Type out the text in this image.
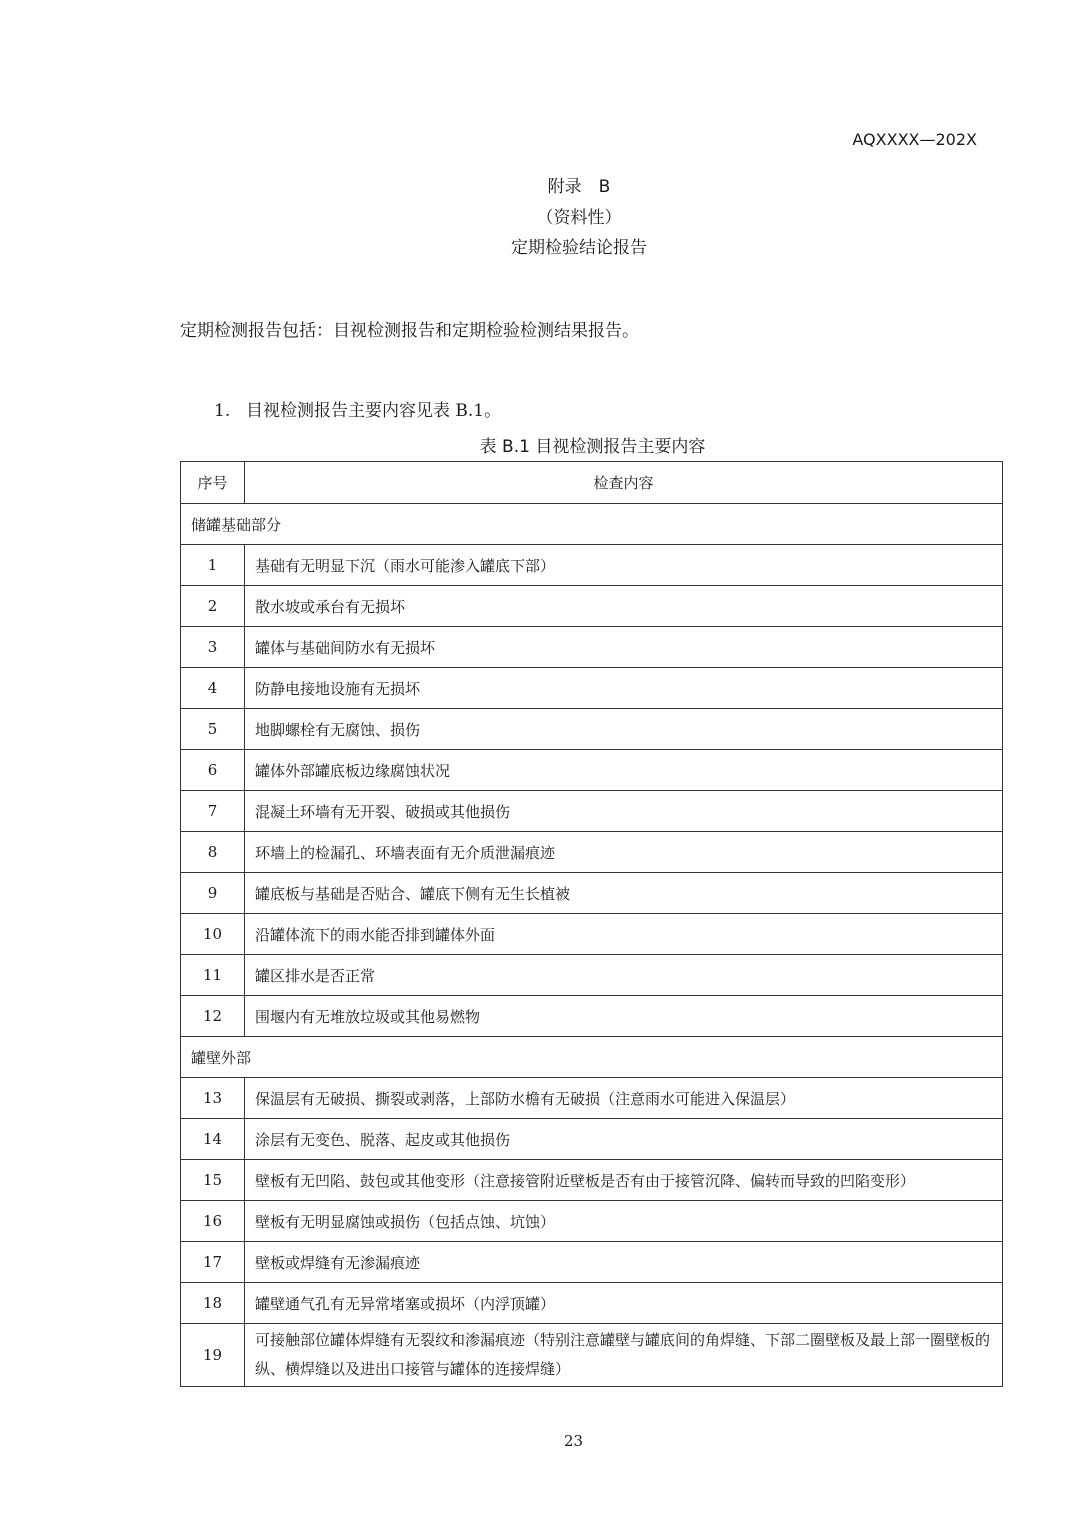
AQXXXX—202X
附录　B
（资料性）
定期检验结论报告
定期检测报告包括：目视检测报告和定期检验检测结果报告。
1. 目视检测报告主要内容见表 B.1。
表 B.1 目视检测报告主要内容
序号	检查内容
储罐基础部分	
1	基础有无明显下沉（雨水可能渗入罐底下部）
2	散水坡或承台有无损坏
3	罐体与基础间防水有无损坏
4	防静电接地设施有无损坏
5	地脚螺栓有无腐蚀、损伤
6	罐体外部罐底板边缘腐蚀状况
7	混凝土环墙有无开裂、破损或其他损伤
8	环墙上的检漏孔、环墙表面有无介质泄漏痕迹
9	罐底板与基础是否贴合、罐底下侧有无生长植被
10	沿罐体流下的雨水能否排到罐体外面
11	罐区排水是否正常
12	围堰内有无堆放垃圾或其他易燃物
罐壁外部	
13	保温层有无破损、撕裂或剥落，上部防水檐有无破损（注意雨水可能进入保温层）
14	涂层有无变色、脱落、起皮或其他损伤
15	壁板有无凹陷、鼓包或其他变形（注意接管附近壁板是否有由于接管沉降、偏转而导致的凹陷变形）
16	壁板有无明显腐蚀或损伤（包括点蚀、坑蚀）
17	壁板或焊缝有无渗漏痕迹
18	罐壁通气孔有无异常堵塞或损坏（内浮顶罐）
19	可接触部位罐体焊缝有无裂纹和渗漏痕迹（特别注意罐壁与罐底间的角焊缝、下部二圈壁板及最上部一圈壁板的纵、横焊缝以及进出口接管与罐体的连接焊缝）
23
